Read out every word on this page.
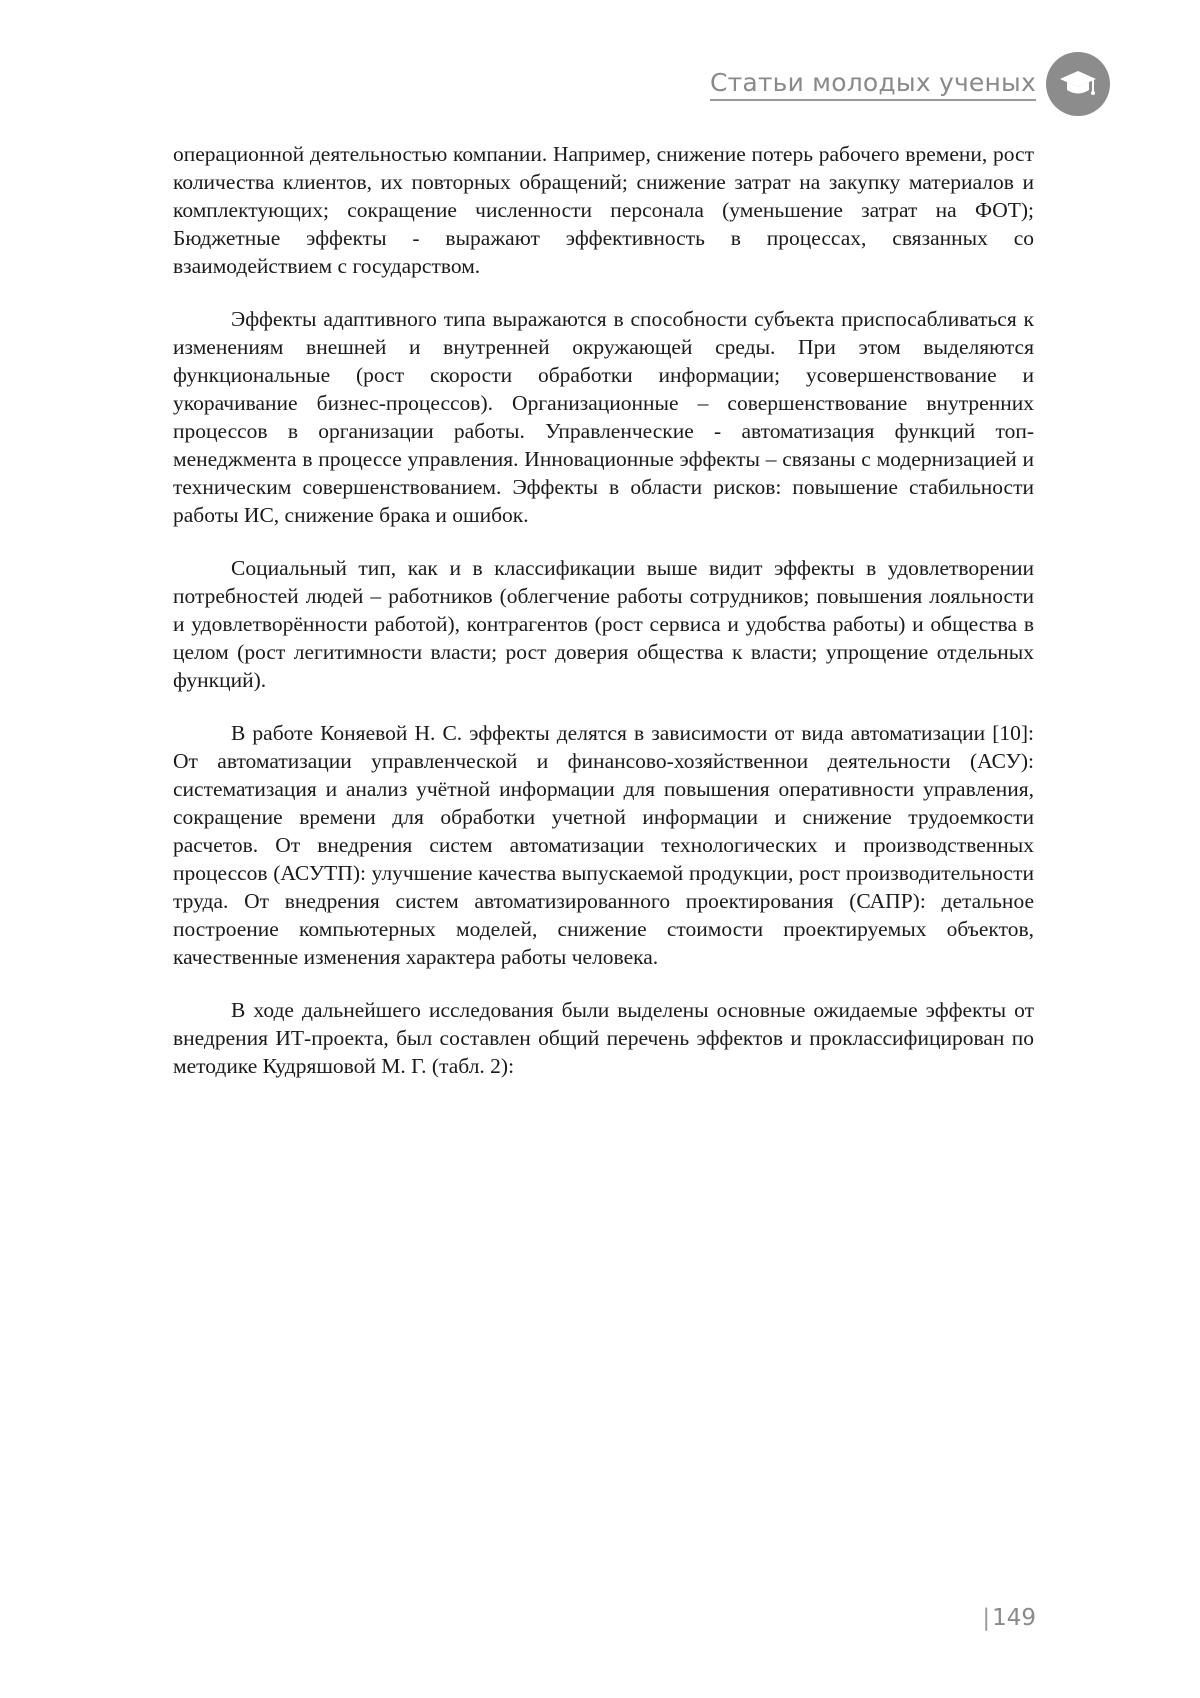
Статьи молодых ученых

операционной деятельностью компании. Например, снижение потерь рабочего времени, рост количества клиентов, их повторных обращений; снижение затрат на закупку материалов и комплектующих; сокращение численности персонала (уменьшение затрат на ФОТ); Бюджетные эффекты - выражают эффективность в процессах, связанных со взаимодействием с государством.

Эффекты адаптивного типа выражаются в способности субъекта приспосабливаться к изменениям внешней и внутренней окружающей среды. При этом выделяются функциональные (рост скорости обработки информации; усовершенствование и укорачивание бизнес-процессов). Организационные – совершенствование внутренних процессов в организации работы. Управленческие - автоматизация функций топ-менеджмента в процессе управления. Инновационные эффекты – связаны с модернизацией и техническим совершенствованием. Эффекты в области рисков: повышение стабильности работы ИС, снижение брака и ошибок.

Социальный тип, как и в классификации выше видит эффекты в удовлетворении потребностей людей – работников (облегчение работы сотрудников; повышения лояльности и удовлетворённости работой), контрагентов (рост сервиса и удобства работы) и общества в целом (рост легитимности власти; рост доверия общества к власти; упрощение отдельных функций).

В работе Коняевой Н. С. эффекты делятся в зависимости от вида автоматизации [10]: От автоматизации управленческой и финансово-хозяйственнои деятельности (АСУ): систематизация и анализ учётной информации для повышения оперативности управления, сокращение времени для обработки учетной информации и снижение трудоемкости расчетов. От внедрения систем автоматизации технологических и производственных процессов (АСУТП): улучшение качества выпускаемой продукции, рост производительности труда. От внедрения систем автоматизированного проектирования (САПР): детальное построение компьютерных моделей, снижение стоимости проектируемых объектов, качественные изменения характера работы человека.

В ходе дальнейшего исследования были выделены основные ожидаемые эффекты от внедрения ИТ-проекта, был составлен общий перечень эффектов и проклассифицирован по методике Кудряшовой М. Г. (табл. 2):

|149
